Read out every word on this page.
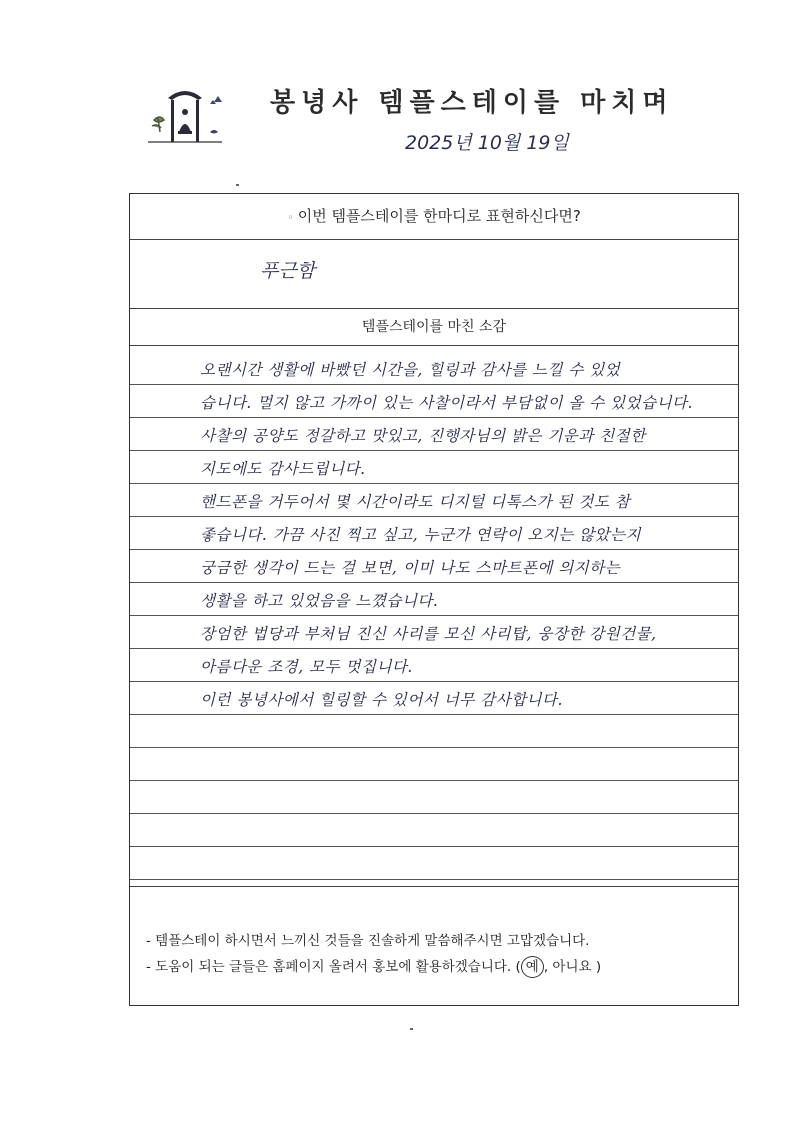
봉녕사 템플스테이를 마치며
2025년 10월 19일
◦ 이번 템플스테이를 한마디로 표현하신다면?
푸근함
템플스테이를 마친 소감
오랜시간 생활에 바빴던 시간을, 힐링과 감사를 느낄 수 있었
습니다. 멀지 않고 가까이 있는 사찰이라서 부담없이 올 수 있었습니다.
사찰의 공양도 정갈하고 맛있고, 진행자님의 밝은 기운과 친절한
지도에도 감사드립니다.
핸드폰을 거두어서 몇 시간이라도 디지털 디톡스가 된 것도 참
좋습니다. 가끔 사진 찍고 싶고, 누군가 연락이 오지는 않았는지
궁금한 생각이 드는 걸 보면, 이미 나도 스마트폰에 의지하는
생활을 하고 있었음을 느꼈습니다.
장엄한 법당과 부처님 진신 사리를 모신 사리탑, 웅장한 강원건물,
아름다운 조경, 모두 멋집니다.
이런 봉녕사에서 힐링할 수 있어서 너무 감사합니다.
- 템플스테이 하시면서 느끼신 것들을 진솔하게 말씀해주시면 고맙겠습니다.
- 도움이 되는 글들은 홈페이지 올려서 홍보에 활용하겠습니다. ( 예 , 아니요 )
